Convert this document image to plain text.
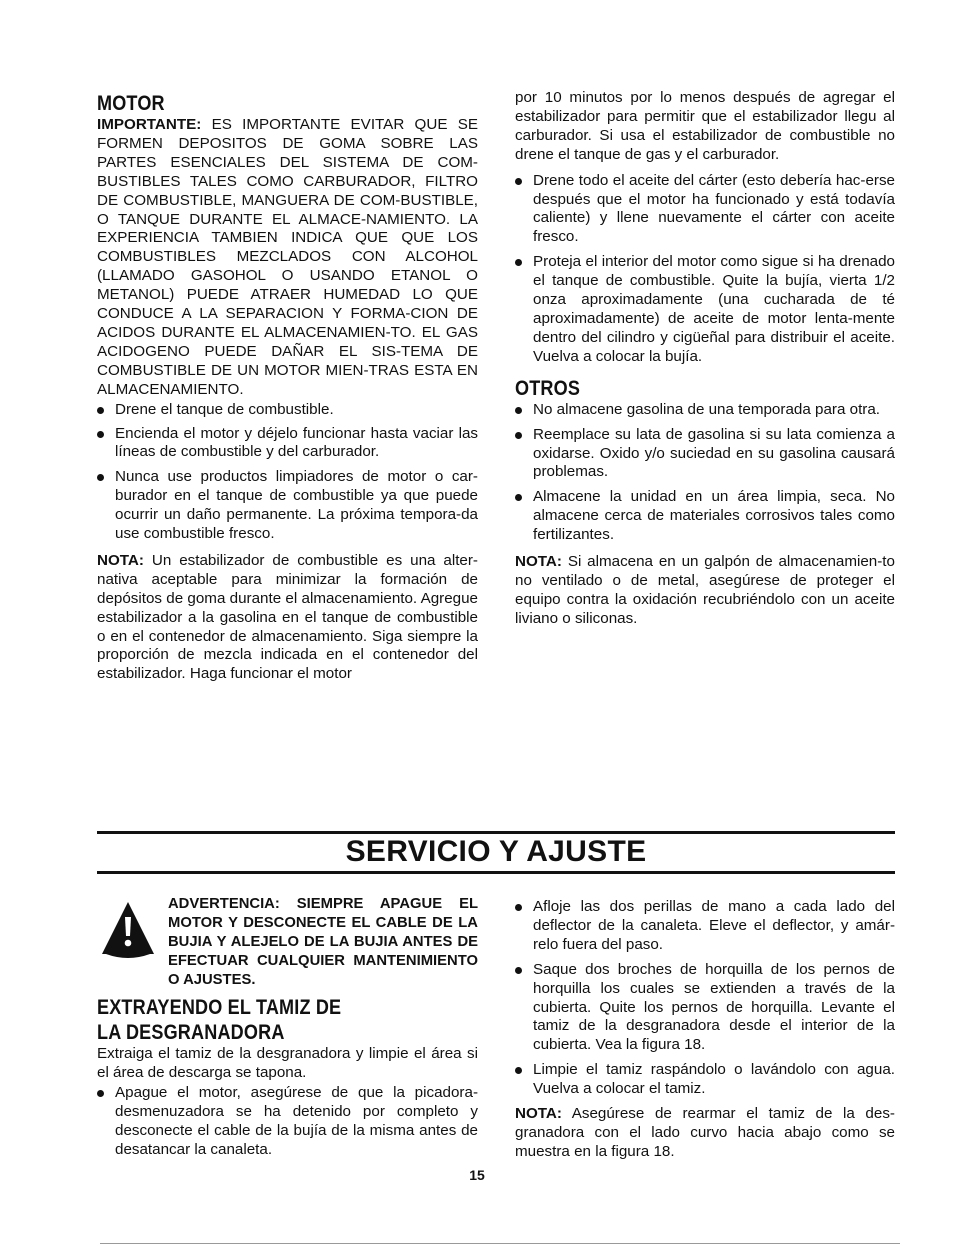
MOTOR

IMPORTANTE: ES IMPORTANTE EVITAR QUE SE FORMEN DEPOSITOS DE GOMA SOBRE LAS PARTES ESENCIALES DEL SISTEMA DE COM-BUSTIBLES TALES COMO CARBURADOR, FILTRO DE COMBUSTIBLE, MANGUERA DE COM-BUSTIBLE, O TANQUE DURANTE EL ALMACE-NAMIENTO. LA EXPERIENCIA TAMBIEN INDICA QUE QUE LOS COMBUSTIBLES MEZCLADOS CON ALCOHOL (LLAMADO GASOHOL O USANDO ETANOL O METANOL) PUEDE ATRAER HUMEDAD LO QUE CONDUCE A LA SEPARACION Y FORMA-CION DE ACIDOS DURANTE EL ALMACENAMIEN-TO. EL GAS ACIDOGENO PUEDE DAÑAR EL SIS-TEMA DE COMBUSTIBLE DE UN MOTOR MIEN-TRAS ESTA EN ALMACENAMIENTO.

Drene el tanque de combustible.
Encienda el motor y déjelo funcionar hasta vaciar las líneas de combustible y del carburador.
Nunca use productos limpiadores de motor o car-burador en el tanque de combustible ya que puede ocurrir un daño permanente. La próxima tempora-da use combustible fresco.

NOTA: Un estabilizador de combustible es una alter-nativa aceptable para minimizar la formación de depósitos de goma durante el almacenamiento. Agregue estabilizador a la gasolina en el tanque de combustible o en el contenedor de almacenamiento. Siga siempre la proporción de mezcla indicada en el contenedor del estabilizador. Haga funcionar el motor

por 10 minutos por lo menos después de agregar el estabilizador para permitir que el estabilizador llegu al carburador. Si usa el estabilizador de combustible no drene el tanque de gas y el carburador.

Drene todo el aceite del cárter (esto debería hac-erse después que el motor ha funcionado y está todavía caliente) y llene nuevamente el cárter con aceite fresco.
Proteja el interior del motor como sigue si ha drenado el tanque de combustible. Quite la bujía, vierta 1/2 onza aproximadamente (una cucharada de té aproximadamente) de aceite de motor lenta-mente dentro del cilindro y cigüeñal para distribuir el aceite. Vuelva a colocar la bujía.
OTROS
No almacene gasolina de una temporada para otra.
Reemplace su lata de gasolina si su lata comienza a oxidarse. Oxido y/o suciedad en su gasolina causará problemas.
Almacene la unidad en un área limpia, seca. No almacene cerca de materiales corrosivos tales como fertilizantes.

NOTA: Si almacena en un galpón de almacenamien-to no ventilado o de metal, asegúrese de proteger el equipo contra la oxidación recubriéndolo con un aceite liviano o siliconas.

SERVICIO Y AJUSTE
ADVERTENCIA: SIEMPRE APAGUE EL MOTOR Y DESCONECTE EL CABLE DE LA BUJIA Y ALEJELO DE LA BUJIA ANTES DE EFECTUAR CUALQUIER MANTENIMIENTO O AJUSTES.
EXTRAYENDO EL TAMIZ DE LA DESGRANADORA

Extraiga el tamiz de la desgranadora y limpie el área si el área de descarga se tapona.

Apague el motor, asegúrese de que la picadora-desmenuzadora se ha detenido por completo y desconecte el cable de la bujía de la misma antes de desatancar la canaleta.
Afloje las dos perillas de mano a cada lado del deflector de la canaleta. Eleve el deflector, y amár-relo fuera del paso.
Saque dos broches de horquilla de los pernos de horquilla los cuales se extienden a través de la cubierta. Quite los pernos de horquilla. Levante el tamiz de la desgranadora desde el interior de la cubierta. Vea la figura 18.
Limpie el tamiz raspándolo o lavándolo con agua. Vuelva a colocar el tamiz.

NOTA: Asegúrese de rearmar el tamiz de la des-granadora con el lado curvo hacia abajo como se muestra en la figura 18.

15
